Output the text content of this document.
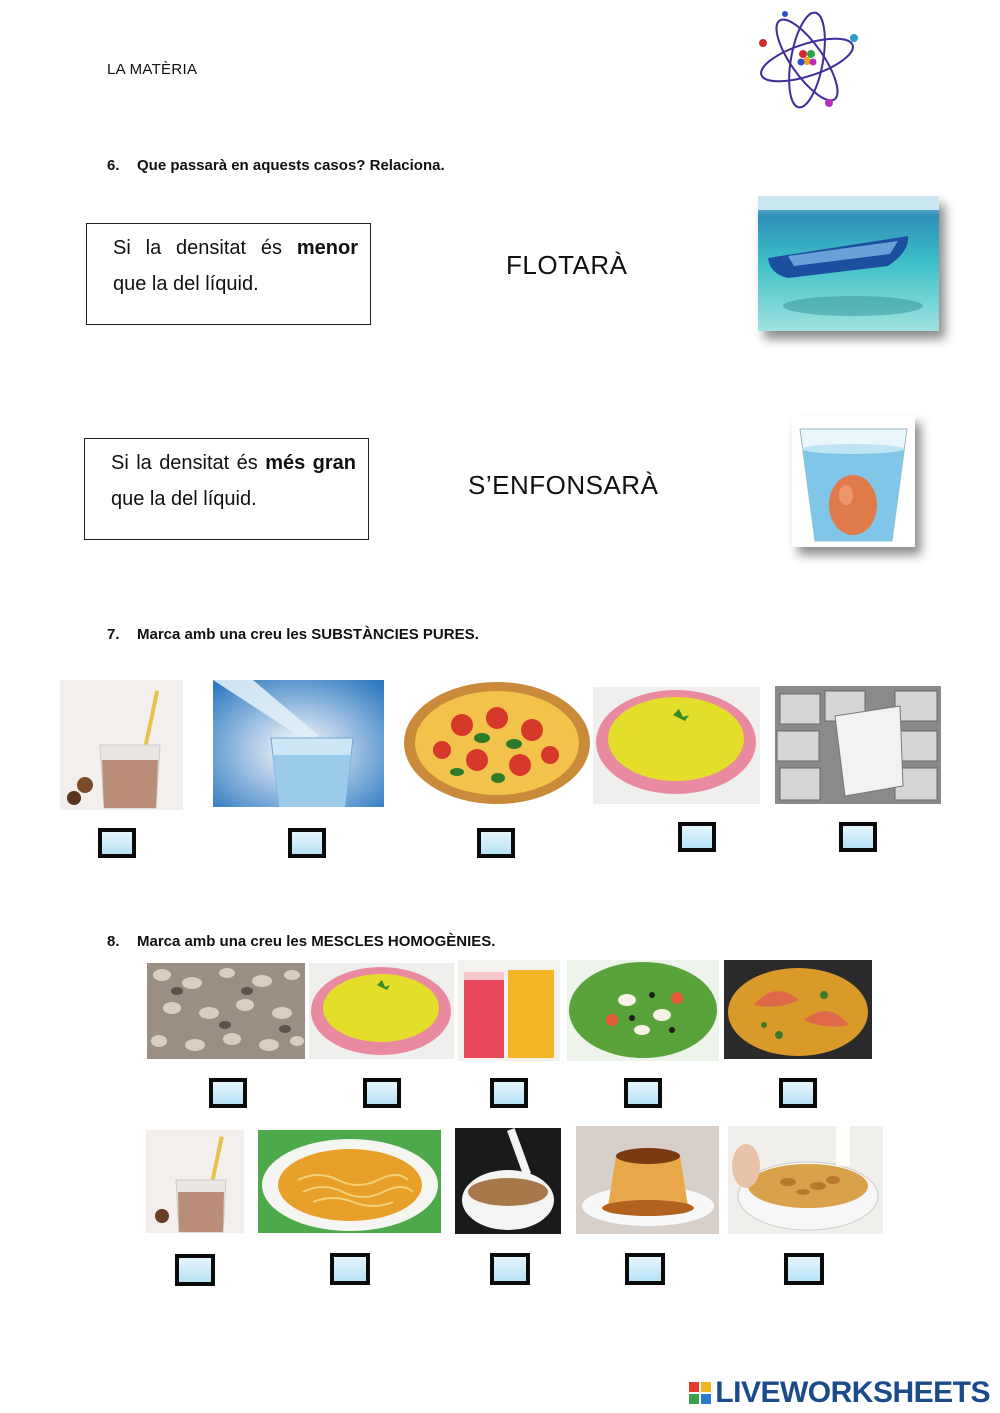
LA MATÈRIA
6. Que passarà en aquests casos? Relaciona.
Si la densitat és menor que la del líquid.
FLOTARÀ
Si la densitat és més gran que la del líquid.	S’ENFONSARÀ
7. Marca amb una creu les SUBSTÀNCIES PURES.
8. Marca amb una creu les MESCLES HOMOGÈNIES.
LIVEWORKSHEETS
